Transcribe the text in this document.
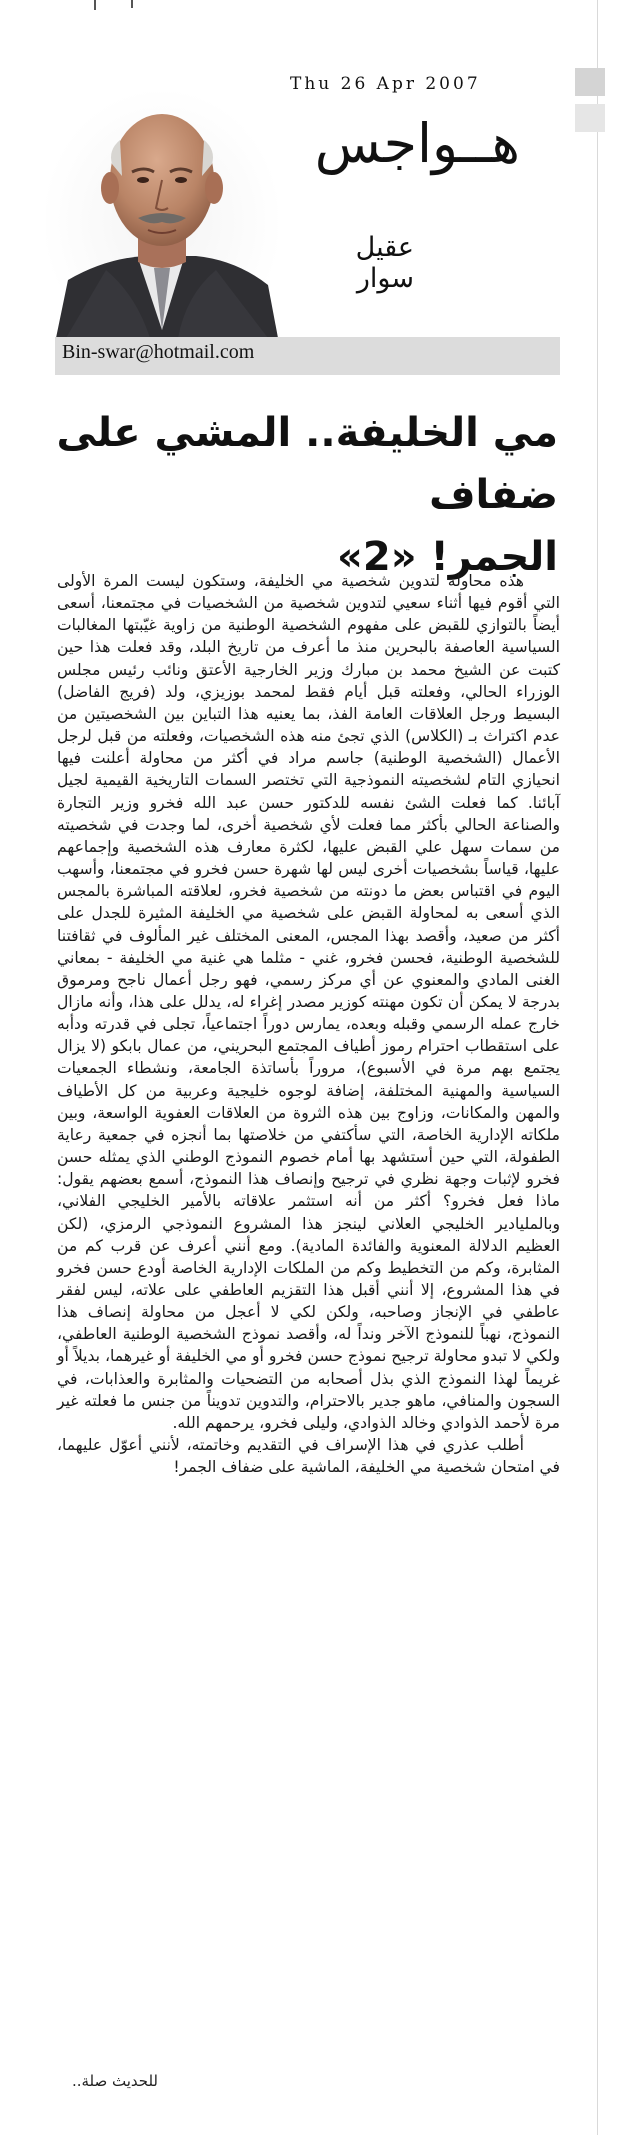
Thu 26 Apr 2007
هــواجس
عقيل سوار
Bin-swar@hotmail.com
مي الخليفة.. المشي على ضفاف
الجمر! «2»

هذه محاولة لتدوين شخصية مي الخليفة، وستكون ليست المرة الأولى التي أقوم فيها أثناء سعيي لتدوين شخصية من الشخصيات في مجتمعنا، أسعى أيضاً بالتوازي للقبض على مفهوم الشخصية الوطنية من زاوية غيّبتها المغالبات السياسية العاصفة بالبحرين منذ ما أعرف من تاريخ البلد، وقد فعلت هذا حين كتبت عن الشيخ محمد بن مبارك وزير الخارجية الأعتق ونائب رئيس مجلس الوزراء الحالي، وفعلته قبل أيام فقط لمحمد بوزيزي، ولد (فريج الفاضل) البسيط ورجل العلاقات العامة الفذ، بما يعنيه هذا التباين بين الشخصيتين من عدم اكتراث بـ (الكلاس) الذي تجئ منه هذه الشخصيات، وفعلته من قبل لرجل الأعمال (الشخصية الوطنية) جاسم مراد في أكثر من محاولة أعلنت فيها انحيازي التام لشخصيته النموذجية التي تختصر السمات التاريخية القيمية لجيل آبائنا. كما فعلت الشئ نفسه للدكتور حسن عبد الله فخرو وزير التجارة والصناعة الحالي بأكثر مما فعلت لأي شخصية أخرى، لما وجدت في شخصيته من سمات سهل علي القبض عليها، لكثرة معارف هذه الشخصية وإجماعهم عليها، قياساً بشخصيات أخرى ليس لها شهرة حسن فخرو في مجتمعنا، وأسهب اليوم في اقتباس بعض ما دونته من شخصية فخرو، لعلاقته المباشرة بالمجس الذي أسعى به لمحاولة القبض على شخصية مي الخليفة المثيرة للجدل على أكثر من صعيد، وأقصد بهذا المجس، المعنى المختلف غير المألوف في ثقافتنا للشخصية الوطنية، فحسن فخرو، غني - مثلما هي غنية مي الخليفة - بمعاني الغنى المادي والمعنوي عن أي مركز رسمي، فهو رجل أعمال ناجح ومرموق بدرجة لا يمكن أن تكون مهنته كوزير مصدر إغراء له، يدلل على هذا، وأنه مازال خارج عمله الرسمي وقبله وبعده، يمارس دوراً اجتماعياً، تجلى في قدرته ودأبه على استقطاب احترام رموز أطياف المجتمع البحريني، من عمال بابكو (لا يزال يجتمع بهم مرة في الأسبوع)، مروراً بأساتذة الجامعة، ونشطاء الجمعيات السياسية والمهنية المختلفة، إضافة لوجوه خليجية وعربية من كل الأطياف والمهن والمكانات، وزاوج بين هذه الثروة من العلاقات العفوية الواسعة، وبين ملكاته الإدارية الخاصة، التي سأكتفي من خلاصتها بما أنجزه في جمعية رعاية الطفولة، التي حين أستشهد بها أمام خصوم النموذج الوطني الذي يمثله حسن فخرو لإثبات وجهة نظري في ترجيح وإنصاف هذا النموذج، أسمع بعضهم يقول: ماذا فعل فخرو؟ أكثر من أنه استثمر علاقاته بالأمير الخليجي الفلاني، وبالمليادير الخليجي العلاني لينجز هذا المشروع النموذجي الرمزي، (لكن العظيم الدلالة المعنوية والفائدة المادية). ومع أنني أعرف عن قرب كم من المثابرة، وكم من التخطيط وكم من الملكات الإدارية الخاصة أودع حسن فخرو في هذا المشروع، إلا أنني أقبل هذا التقزيم العاطفي على علاته، ليس لفقر عاطفي في الإنجاز وصاحبه، ولكن لكي لا أعجل من محاولة إنصاف هذا النموذج، نهباً للنموذج الآخر ونداً له، وأقصد نموذج الشخصية الوطنية العاطفي، ولكي لا تبدو محاولة ترجيح نموذج حسن فخرو أو مي الخليفة أو غيرهما، بديلاً أو غريماً لهذا النموذج الذي بذل أصحابه من التضحيات والمثابرة والعذابات، في السجون والمنافي، ماهو جدير بالاحترام، والتدوين تدويناً من جنس ما فعلته غير مرة لأحمد الذوادي وخالد الذوادي، وليلى فخرو، يرحمهم الله.

أطلب عذري في هذا الإسراف في التقديم وخاتمته، لأنني أعوّل عليهما، في امتحان شخصية مي الخليفة، الماشية على ضفاف الجمر!

للحديث صلة..
